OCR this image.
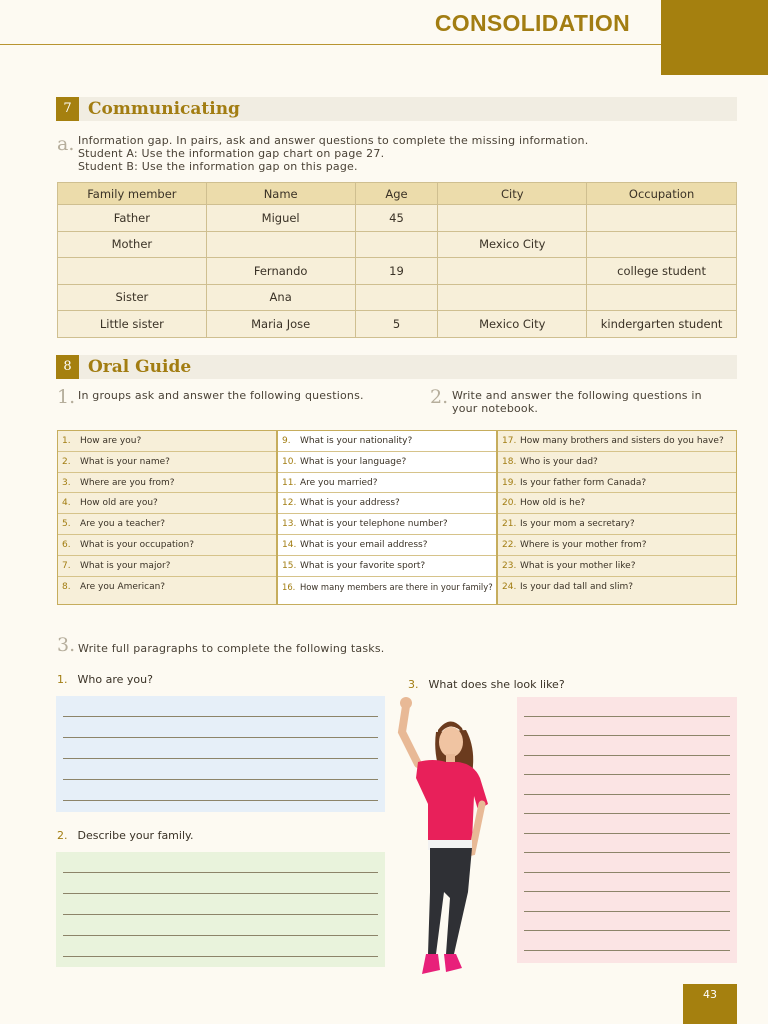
CONSOLIDATION
7 Communicating
a. Information gap. In pairs, ask and answer questions to complete the missing information.
Student A: Use the information gap chart on page 27.
Student B: Use the information gap on this page.
Family member	Name	Age	City	Occupation
Father	Miguel	45		
Mother			Mexico City	
	Fernando	19		college student
Sister	Ana			
Little sister	Maria Jose	5	Mexico City	kindergarten student
8 Oral Guide
1. In groups ask and answer the following questions.	2. Write and answer the following questions in
your notebook.
1. How are you?
2. What is your name?
3. Where are you from?
4. How old are you?
5. Are you a teacher?
6. What is your occupation?
7. What is your major?
8. Are you American?
9. What is your nationality?
10. What is your language?
11. Are you married?
12. What is your address?
13. What is your telephone number?
14. What is your email address?
15. What is your favorite sport?
16. How many members are there in your family?
17. How many brothers and sisters do you have?
18. Who is your dad?
19. Is your father form Canada?
20. How old is he?
21. Is your mom a secretary?
22. Where is your mother from?
23. What is your mother like?
24. Is your dad tall and slim?
3. Write full paragraphs to complete the following tasks.
1. Who are you?
2. Describe your family.
3. What does she look like?
43
